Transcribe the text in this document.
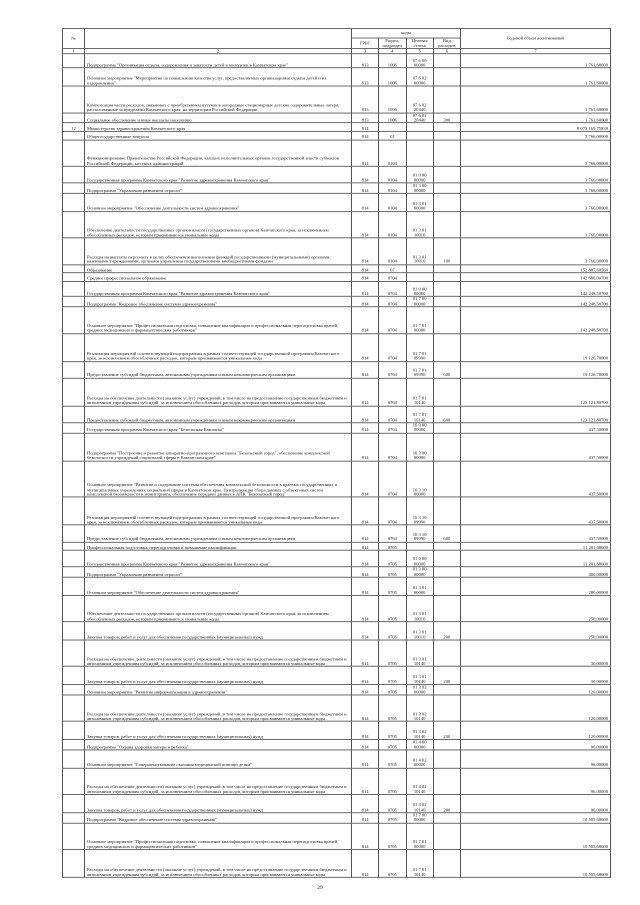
№		коды				Годовой объем ассигнований
		ГРБС	Раздел, подраздел	Целевая статья	Вид расходов	
1	2	3	4	5	6	7
	Подпрограмма "Организация отдыха, оздоровления и занятости детей в молодежи в Камчатском крае"	813	1006	07 6 00 00000		1 761,60000
	Основное мероприятие "Мероприятия по повышению качества услуг, предоставляемых организациями отдыха детей и их оздоровления"	813	1006	07 6 02 00000		1 761,60000
	Компенсация части расходов, связанных с приобретением путевок в загородные стационарные детские оздоровительные лагеря, расположенные за пределами Камчатского края, на территории Российской Федерации	813	1006	07 6 02 20440		1 761,60000
	Социальное обеспечение и иные выплаты населению	813	1006	07 6 02 20440	300	1 761,60000
12	Министерство здравоохранения Камчатского края	814				8 073 169,75839
	Общегосударственные вопросы	814	01			3 766,00000
	Функционирование Правительства Российской Федерации, высших исполнительных органов государственной власти субъектов Российской Федерации, местных администраций	814	0104			3 766,00000
	Государственная программа Камчатского края "Развитие здравоохранения Камчатского края"	814	0104	01 0 00 00000		3 766,00000
	Подпрограмма "Управление развитием отрасли"	814	0104	01 3 00 00000		3 766,00000
	Основное мероприятие "Обеспечение деятельности систем здравоохранения"	814	0104	01 3 01 00000		3 766,00000
	Обеспечение деятельности государственных органов власти (государственных органов) Камчатского края, за исключением обособленных расходов, которым присваиваются уникальные коды	814	0104	01 3 01 10010		3 766,00000
	Расходы на выплаты персоналу в целях обеспечения выполнения функций государственными (муниципальными) органами, казенными учреждениями, органами управления государственными внебюджетными фондами	814	0104	01 3 01 10010	100	3 766,00000
	Образование	814	07			152 887,68560
	Среднее профессиональное образование	814	0704			142 686,00700
	Государственная программа Камчатского края "Развитие здравоохранения Камчатского края"	814	0704	01 0 00 00000		142 248,50700
	Подпрограмма "Кадровое обеспечение системы здравоохранения"	814	0704	01 7 00 00000		142 248,50700
	Основное мероприятие "Профессиональная подготовка, повышение квалификации и профессиональная переподготовка врачей, средних медицинских и фармацевтических работников"	814	0704	01 7 01 00000		142 248,50700
	Реализация мероприятий соответствующей подпрограммы в рамках соответствующей государственной программы Камчатского края, за исключением обособленных расходов, которым присваиваются уникальные коды	814	0704	01 7 01 09990		19 126,70000
	Предоставление субсидий бюджетным, автономным учреждениям и иным некоммерческим организациям	814	0704	01 7 01 09990	600	19 126,70000
	Расходы на обеспечение деятельности (оказание услуг) учреждений, в том числе на предоставление государственным бюджетным и автономным учреждениям субсидий, за исключением обособленных расходов, которым присваиваются уникальные коды	814	0704	01 7 01 10140		123 121,80700
	Предоставление субсидий бюджетным, автономным учреждениям и иным некоммерческим организациям	814	0704	01 7 01 10140	600	123 121,80700
	Государственная программа Камчатского края "Безопасная Камчатка"	814	0704	16 0 00 00000		437,50000
	Подпрограмма "Построение и развитие аппаратно-программного комплекса "Безопасный город", обеспечение комплексной безопасности учреждений социальной сферы в Камчатском крае"	814	0704	16 3 00 00000		437,50000
	Основное мероприятие "Развитие и содержание системы обеспечения комплексной безопасности в краевых государственных и муниципальных учреждениях социальной сферы в Камчатском крае. Централизация сбора данных с объектовых систем комплексной безопасности и мониторинга, обеспечение передачи данных в АПК "Безопасный город"	814	0704	16 3 10 00000		437,50000
	Реализация мероприятий соответствующей подпрограммы в рамках соответствующей государственной программы Камчатского края, за исключением обособленных расходов, которым присваиваются уникальные коды	814	0704	16 3 10 09990		437,50000
	Предоставление субсидий бюджетным, автономным учреждениям и иным некоммерческим организациям	814	0704	16 3 10 09990	600	437,50000
	Профессиональная подготовка, переподготовка и повышение квалификации	814	0705			11 201,68600
	Государственная программа Камчатского края "Развитие здравоохранения Камчатского края"	814	0705	01 0 00 00000		11 201,68600
	Подпрограмма "Управление развитием отрасли"	814	0705	01 3 00 00000		400,00000
	Основное мероприятие "Обеспечение деятельности систем здравоохранения"	814	0705	01 3 01 00000		280,00000
	Обеспечение деятельности государственных органов власти (государственных органов) Камчатского края, за исключением обособленных расходов, которым присваиваются уникальные коды	814	0705	01 3 01 10010		250,00000
	Закупка товаров, работ и услуг для обеспечения государственных (муниципальных) нужд	814	0705	01 3 01 10010	200	250,00000
	Расходы на обеспечение деятельности (оказание услуг) учреждений, в том числе на предоставление государственным бюджетным и автономным учреждениям субсидий, за исключением обособленных расходов, которым присваиваются уникальные коды	814	0705	01 3 01 10140		30,00000
	Закупка товаров, работ и услуг для обеспечения государственных (муниципальных) нужд	814	0705	01 3 01 10140	200	30,00000
	Основное мероприятие "Развитие информатизации в здравоохранении"	814	0705	01 3 02 00000		120,00000
	Расходы на обеспечение деятельности (оказание услуг) учреждений, в том числе на предоставление государственным бюджетным и автономным учреждениям субсидий, за исключением обособленных расходов, которым присваиваются уникальные коды	814	0705	01 3 02 10140		120,00000
	Закупка товаров, работ и услуг для обеспечения государственных (муниципальных) нужд	814	0705	01 3 02 10140	200	120,00000
	Подпрограмма "Охрана здоровья матери и ребенка"	814	0705	01 4 00 00000		96,00000
	Основное мероприятие "Совершенствование оказания медицинской помощи детям"	814	0705	01 4 02 00000		96,00000
	Расходы на обеспечение деятельности (оказание услуг) учреждений, в том числе на предоставление государственным бюджетным и автономным учреждениям субсидий, за исключением обособленных расходов, которым присваиваются уникальные коды	814	0705	01 4 02 10140		96,00000
	Закупка товаров, работ и услуг для обеспечения государственных (муниципальных) нужд	814	0705	01 4 02 10140	200	96,00000
	Подпрограмма "Кадровое обеспечение системы здравоохранения"	814	0705	01 7 00 00000		10 505,68600
	Основное мероприятие "Профессиональная подготовка, повышение квалификации и профессиональная переподготовка врачей, средних медицинских и фармацевтических работников"	814	0705	01 7 01 00000		10 505,68600
	Расходы на обеспечение деятельности (оказание услуг) учреждений, в том числе на предоставление государственным бюджетным и автономным учреждениям субсидий, за исключением обособленных расходов, которым присваиваются уникальные коды	814	0705	01 7 01 10140		10 505,68600
29
